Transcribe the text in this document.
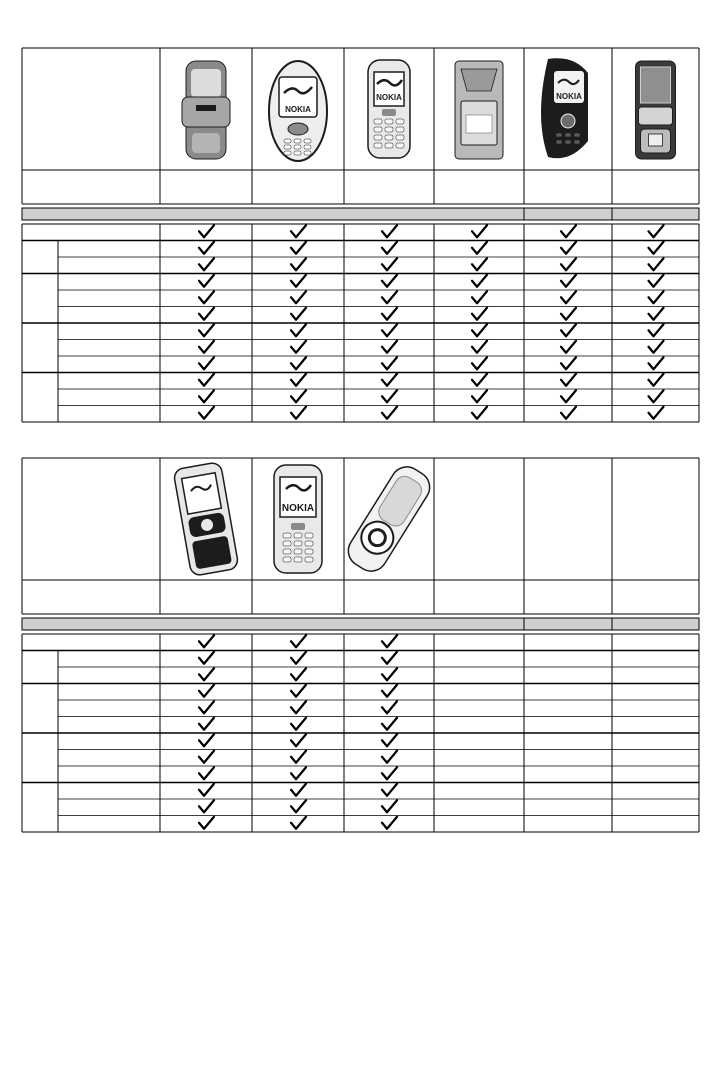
NOKIA
NOKIA	NOKIA
NOKIA
